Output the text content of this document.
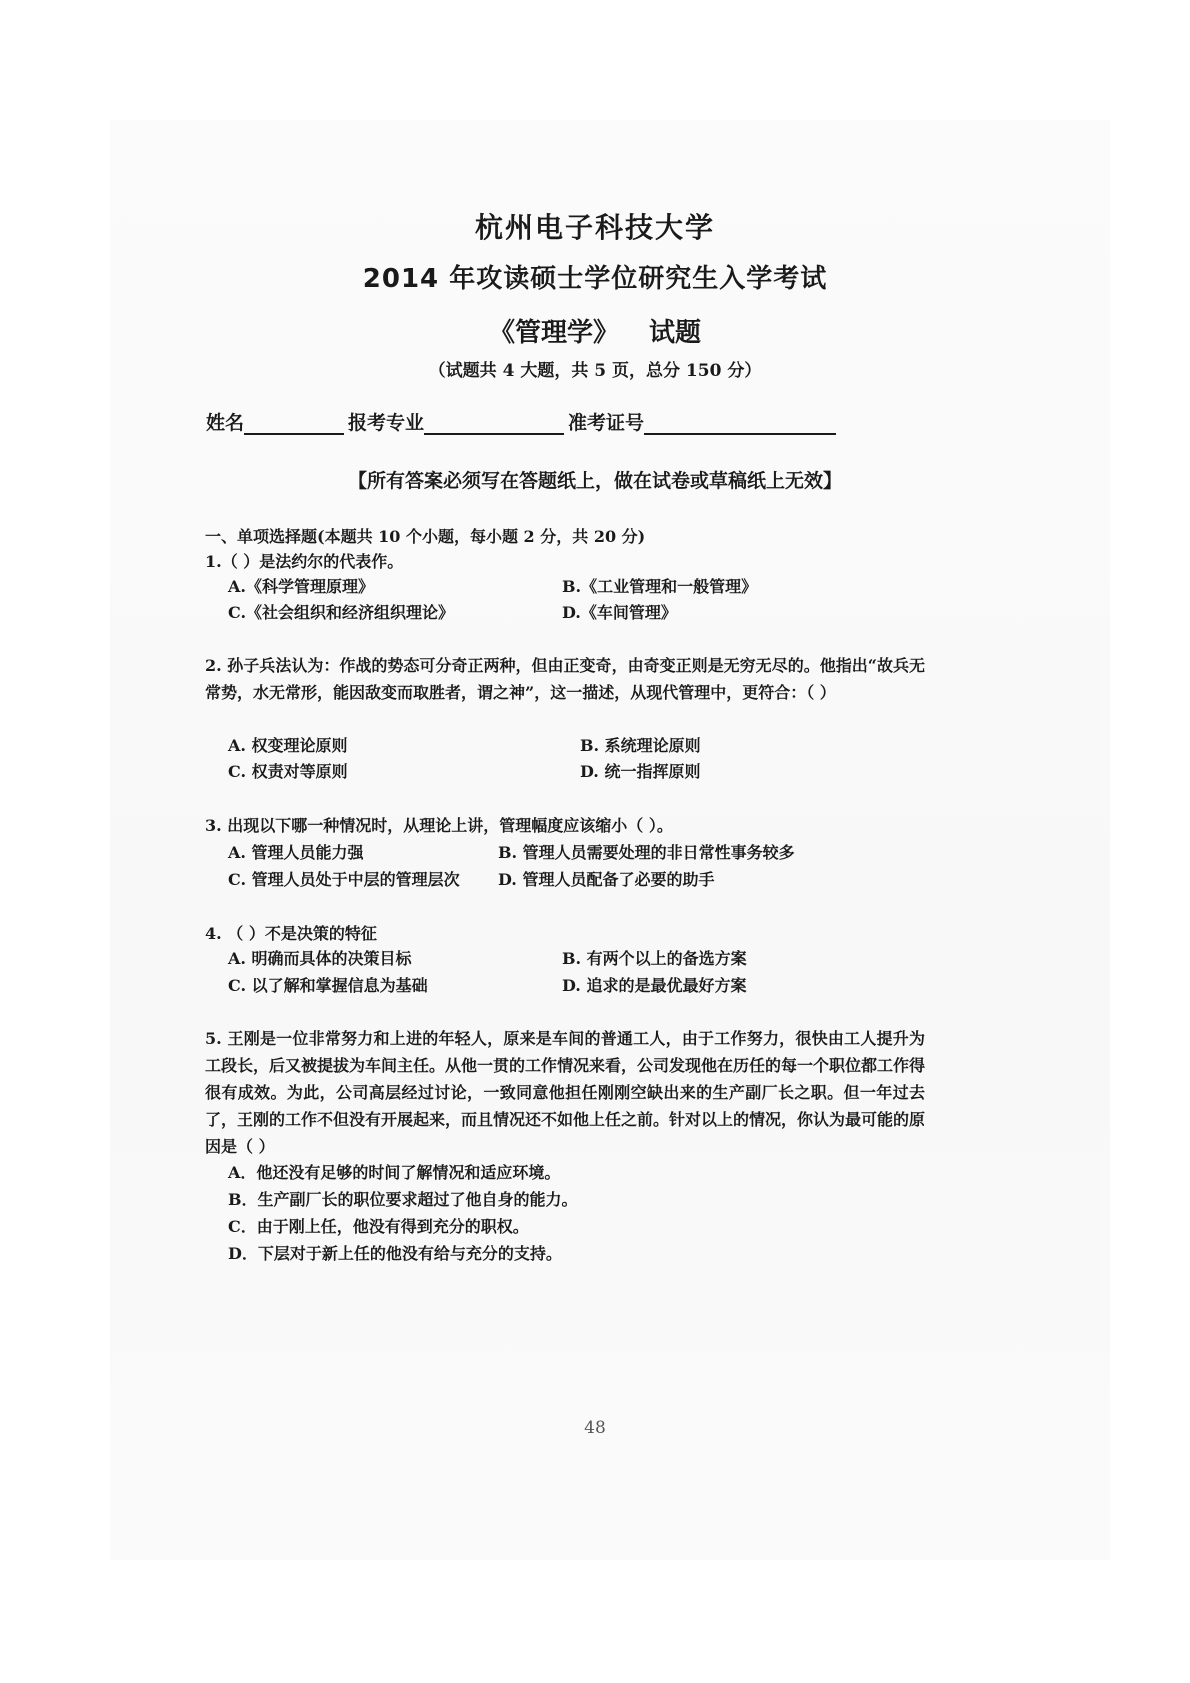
杭州电子科技大学
2014 年攻读硕士学位研究生入学考试
《管理学》 试题
（试题共 4 大题，共 5 页，总分 150 分）
姓名	报考专业	准考证号
【所有答案必须写在答题纸上，做在试卷或草稿纸上无效】
一、单项选择题(本题共 10 个小题，每小题 2 分，共 20 分)
1.（ ）是法约尔的代表作。
A.《科学管理原理》	B.《工业管理和一般管理》
C.《社会组织和经济组织理论》	D.《车间管理》
2. 孙子兵法认为：作战的势态可分奇正两种，但由正变奇，由奇变正则是无穷无尽的。他指出“故兵无常势，水无常形，能因敌变而取胜者，谓之神”，这一描述，从现代管理中，更符合：（ ）
A. 权变理论原则	B. 系统理论原则
C. 权责对等原则	D. 统一指挥原则
3. 出现以下哪一种情况时，从理论上讲，管理幅度应该缩小（ ）。
A. 管理人员能力强	B. 管理人员需要处理的非日常性事务较多
C. 管理人员处于中层的管理层次 D. 管理人员配备了必要的助手
4. （ ）不是决策的特征
A. 明确而具体的决策目标	B. 有两个以上的备选方案
C. 以了解和掌握信息为基础	D. 追求的是最优最好方案
5. 王刚是一位非常努力和上进的年轻人，原来是车间的普通工人，由于工作努力，很快由工人提升为工段长，后又被提拔为车间主任。从他一贯的工作情况来看，公司发现他在历任的每一个职位都工作得很有成效。为此，公司高层经过讨论，一致同意他担任刚刚空缺出来的生产副厂长之职。但一年过去了，王刚的工作不但没有开展起来，而且情况还不如他上任之前。针对以上的情况，你认为最可能的原因是（ ）
A．他还没有足够的时间了解情况和适应环境。
B．生产副厂长的职位要求超过了他自身的能力。
C．由于刚上任，他没有得到充分的职权。
D．下层对于新上任的他没有给与充分的支持。
48
